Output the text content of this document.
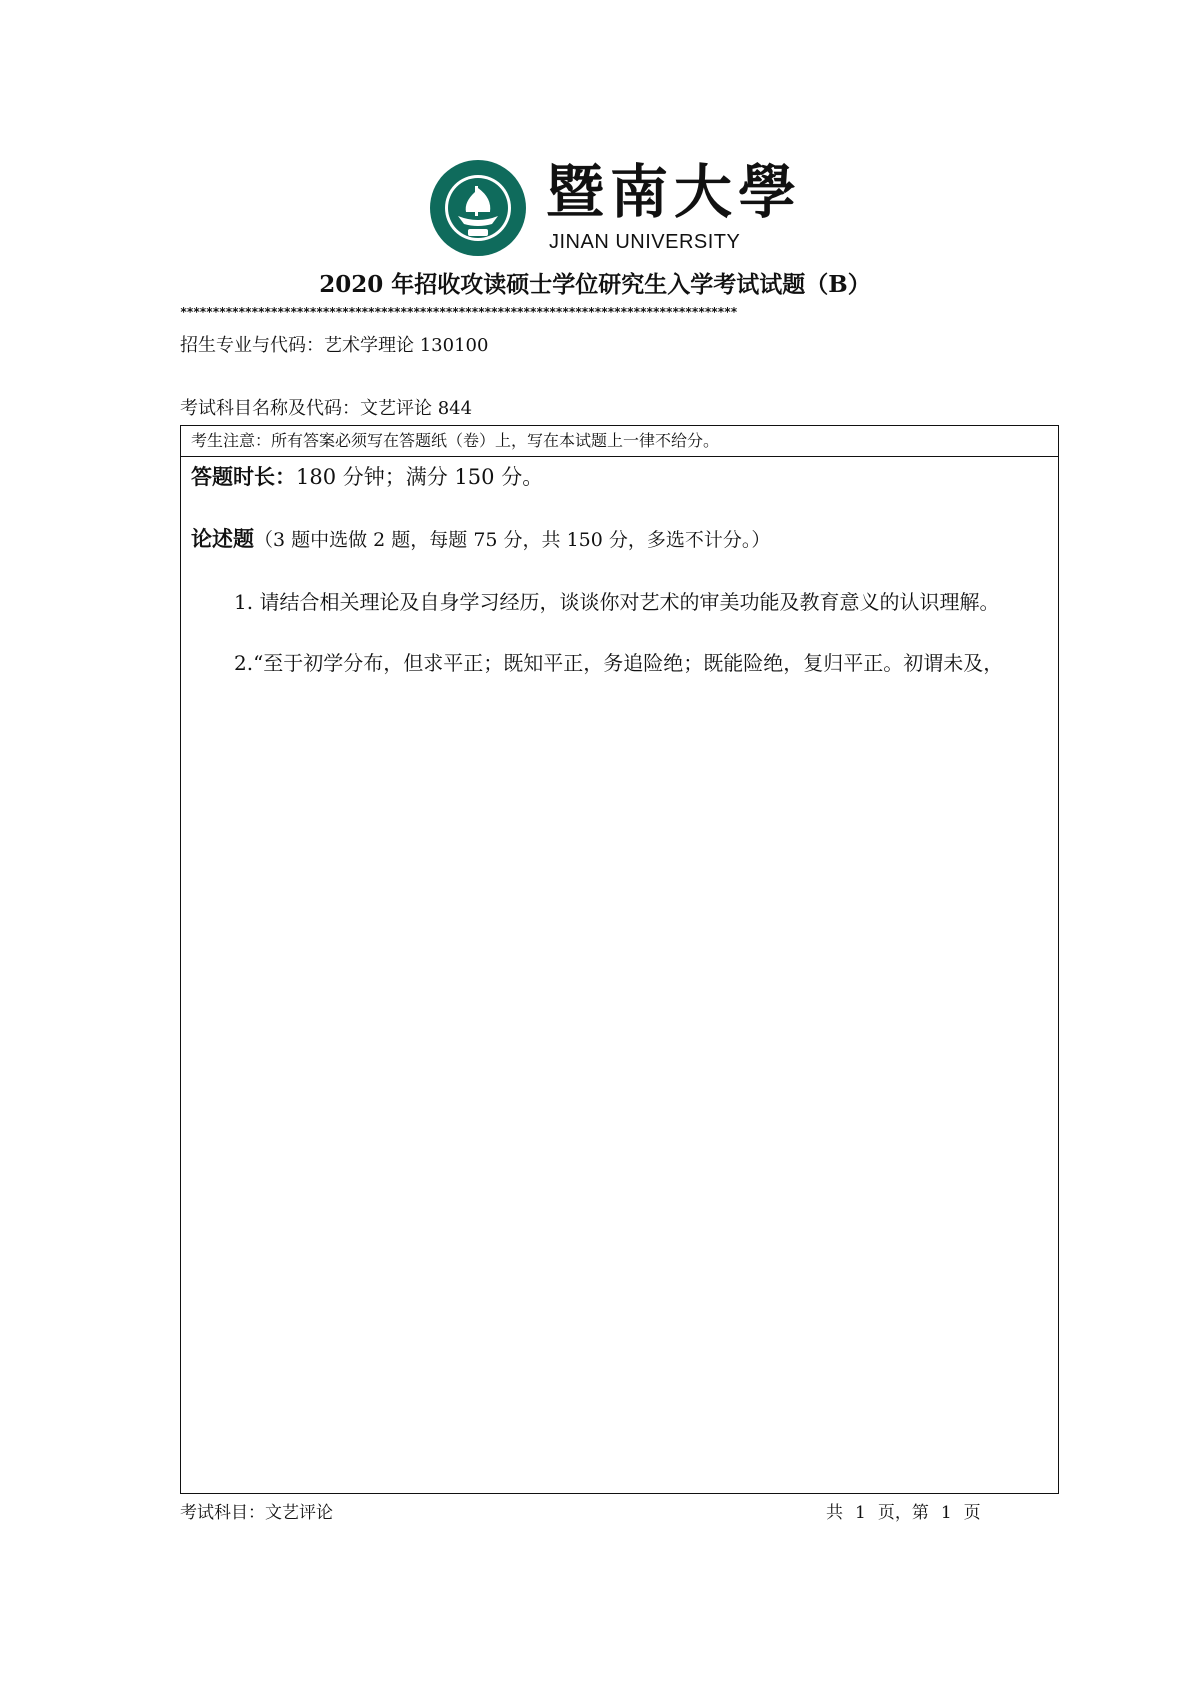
暨南大學
JINAN UNIVERSITY
2020 年招收攻读硕士学位研究生入学考试试题（B）
**************************************************************************************
招生专业与代码：艺术学理论 130100
考试科目名称及代码：文艺评论 844
考生注意：所有答案必须写在答题纸（卷）上，写在本试题上一律不给分。
答题时长：180 分钟；满分 150 分。
论述题（3 题中选做 2 题，每题 75 分，共 150 分，多选不计分。）
1. 请结合相关理论及自身学习经历，谈谈你对艺术的审美功能及教育意义的认识理解。
2.“至于初学分布，但求平正；既知平正，务追险绝；既能险绝，复归平正。初谓未及，
考试科目：文艺评论	共 1 页，第 1 页
